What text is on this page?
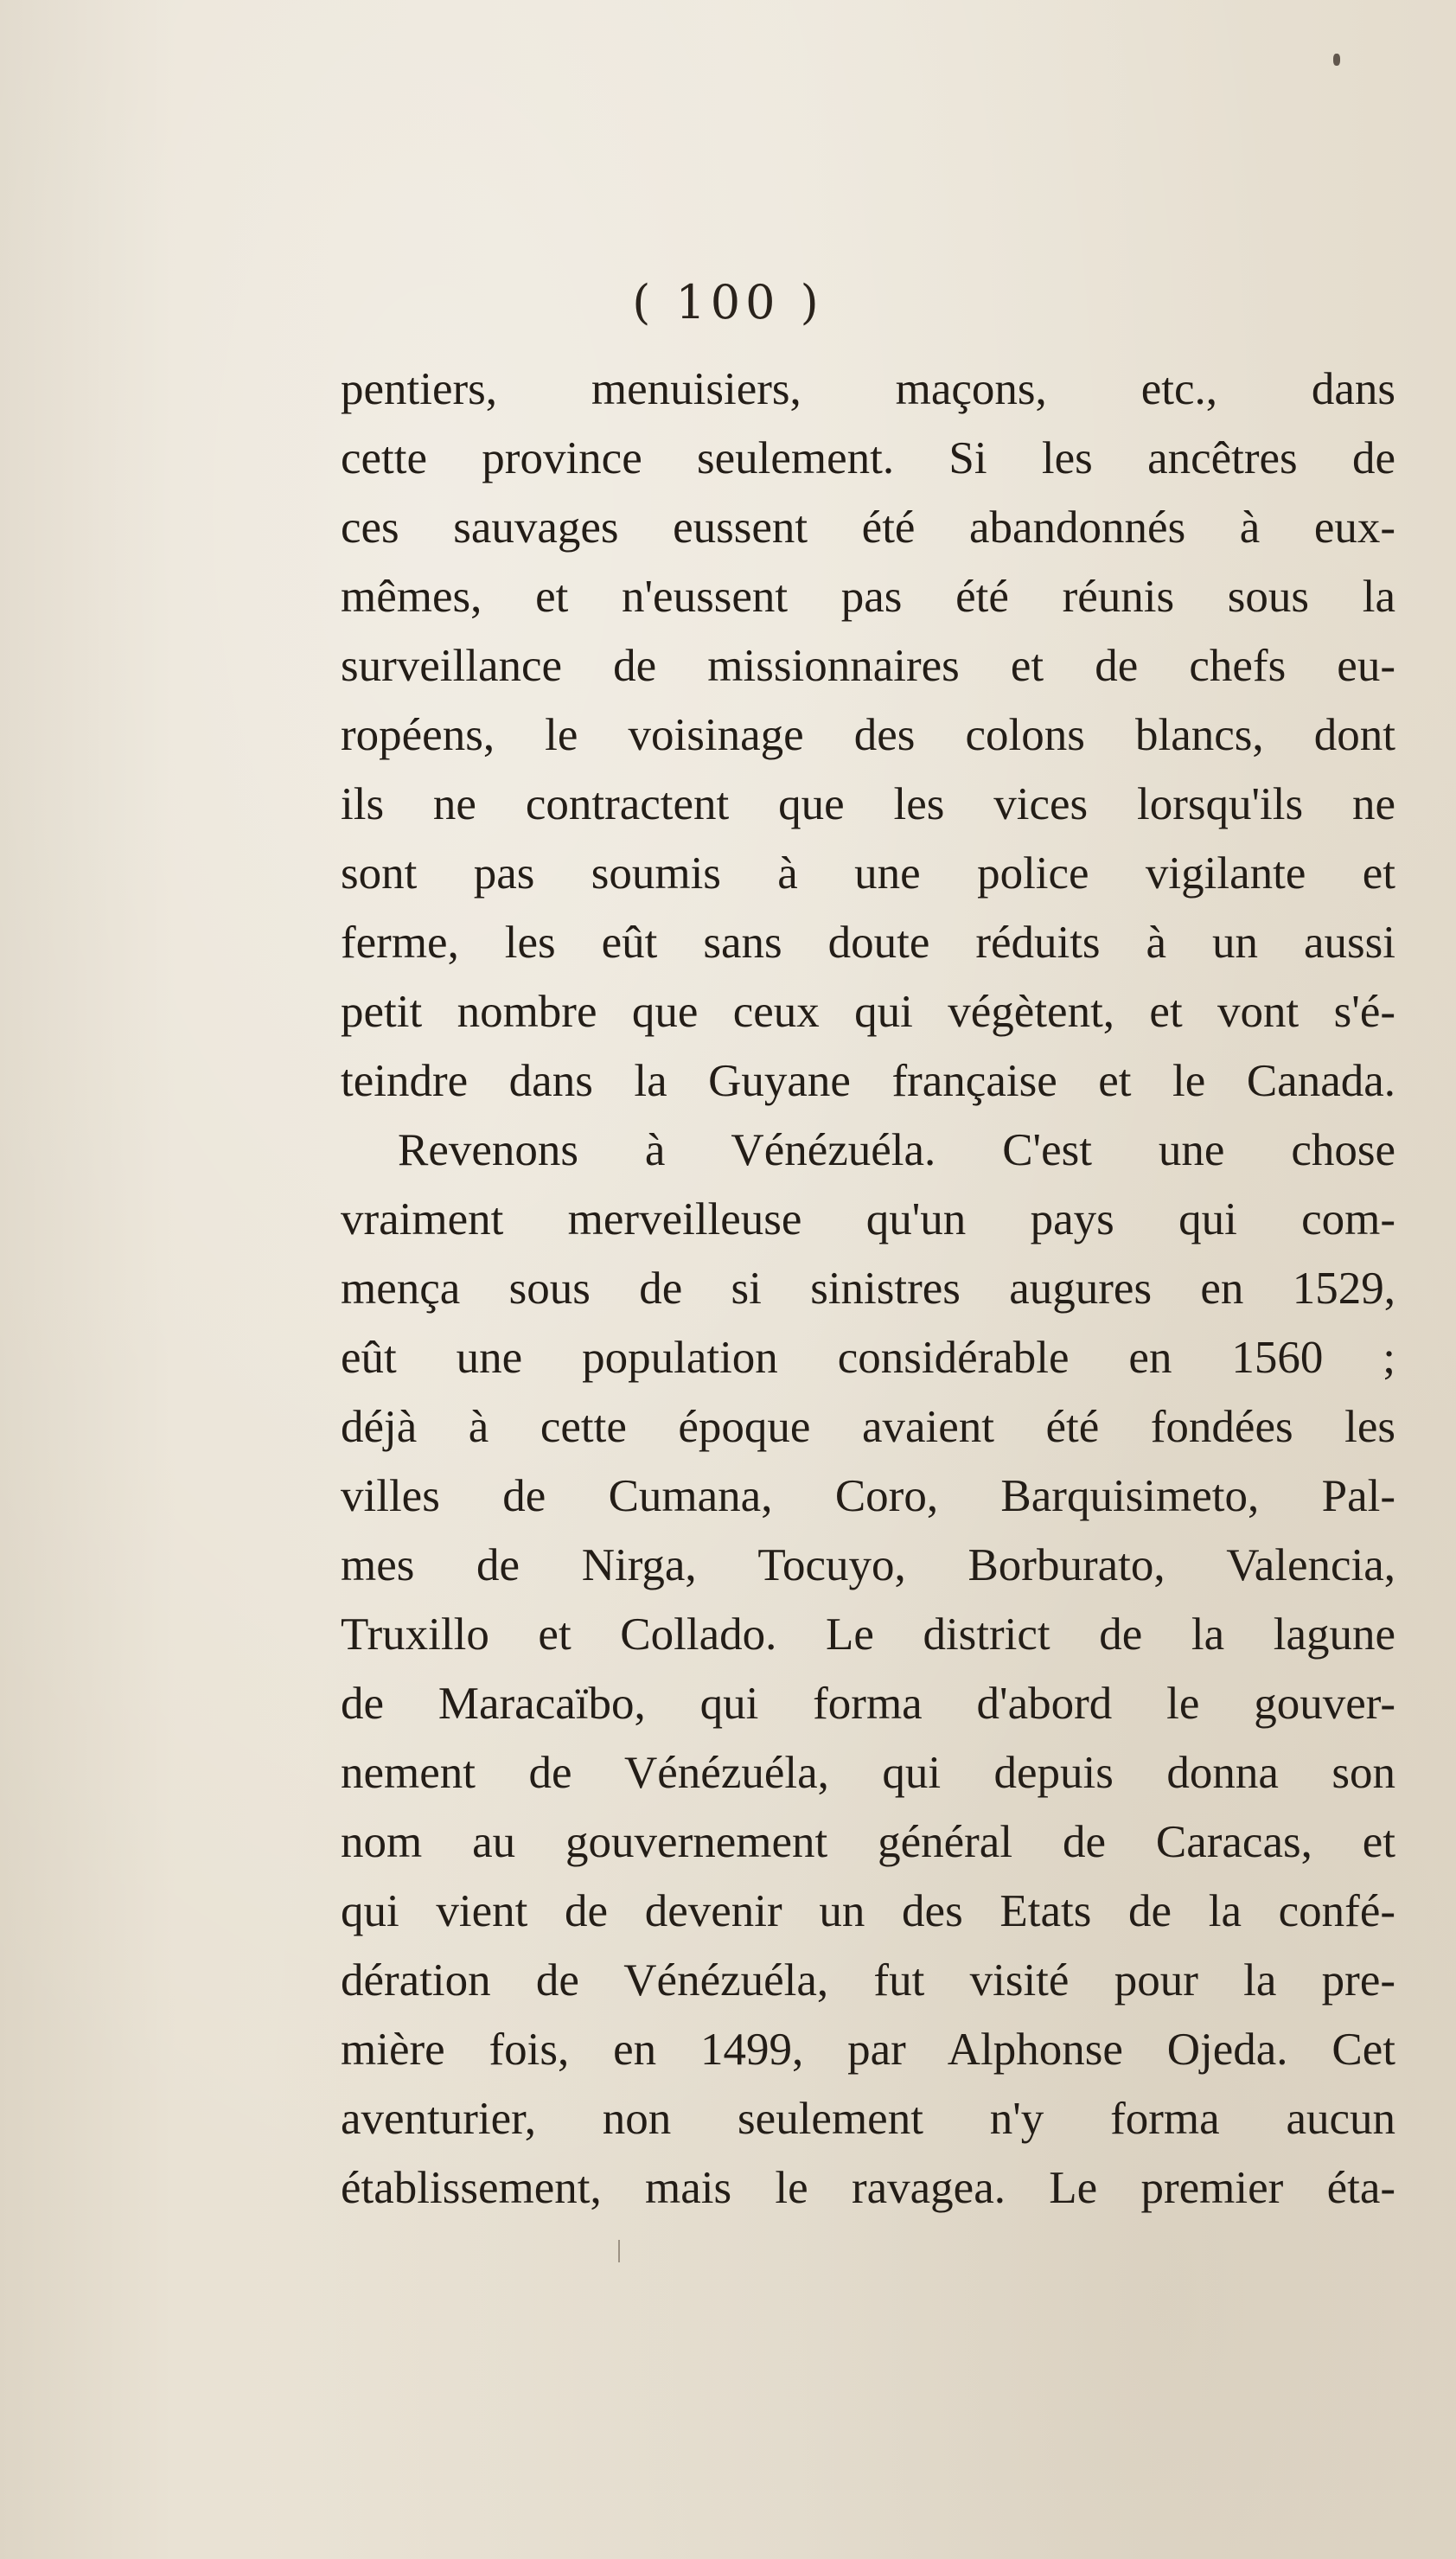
( 100 )
pentiers, menuisiers, maçons, etc., dans
cette province seulement. Si les ancêtres de
ces sauvages eussent été abandonnés à eux-
mêmes, et n'eussent pas été réunis sous la
surveillance de missionnaires et de chefs eu-
ropéens, le voisinage des colons blancs, dont
ils ne contractent que les vices lorsqu'ils ne
sont pas soumis à une police vigilante et
ferme, les eût sans doute réduits à un aussi
petit nombre que ceux qui végètent, et vont s'é-
teindre dans la Guyane française et le Canada.
Revenons à Vénézuéla. C'est une chose
vraiment merveilleuse qu'un pays qui com-
mença sous de si sinistres augures en 1529,
eût une population considérable en 1560 ;
déjà à cette époque avaient été fondées les
villes de Cumana, Coro, Barquisimeto, Pal-
mes de Nirga, Tocuyo, Borburato, Valencia,
Truxillo et Collado. Le district de la lagune
de Maracaïbo, qui forma d'abord le gouver-
nement de Vénézuéla, qui depuis donna son
nom au gouvernement général de Caracas, et
qui vient de devenir un des Etats de la confé-
dération de Vénézuéla, fut visité pour la pre-
mière fois, en 1499, par Alphonse Ojeda. Cet
aventurier, non seulement n'y forma aucun
établissement, mais le ravagea. Le premier éta-
